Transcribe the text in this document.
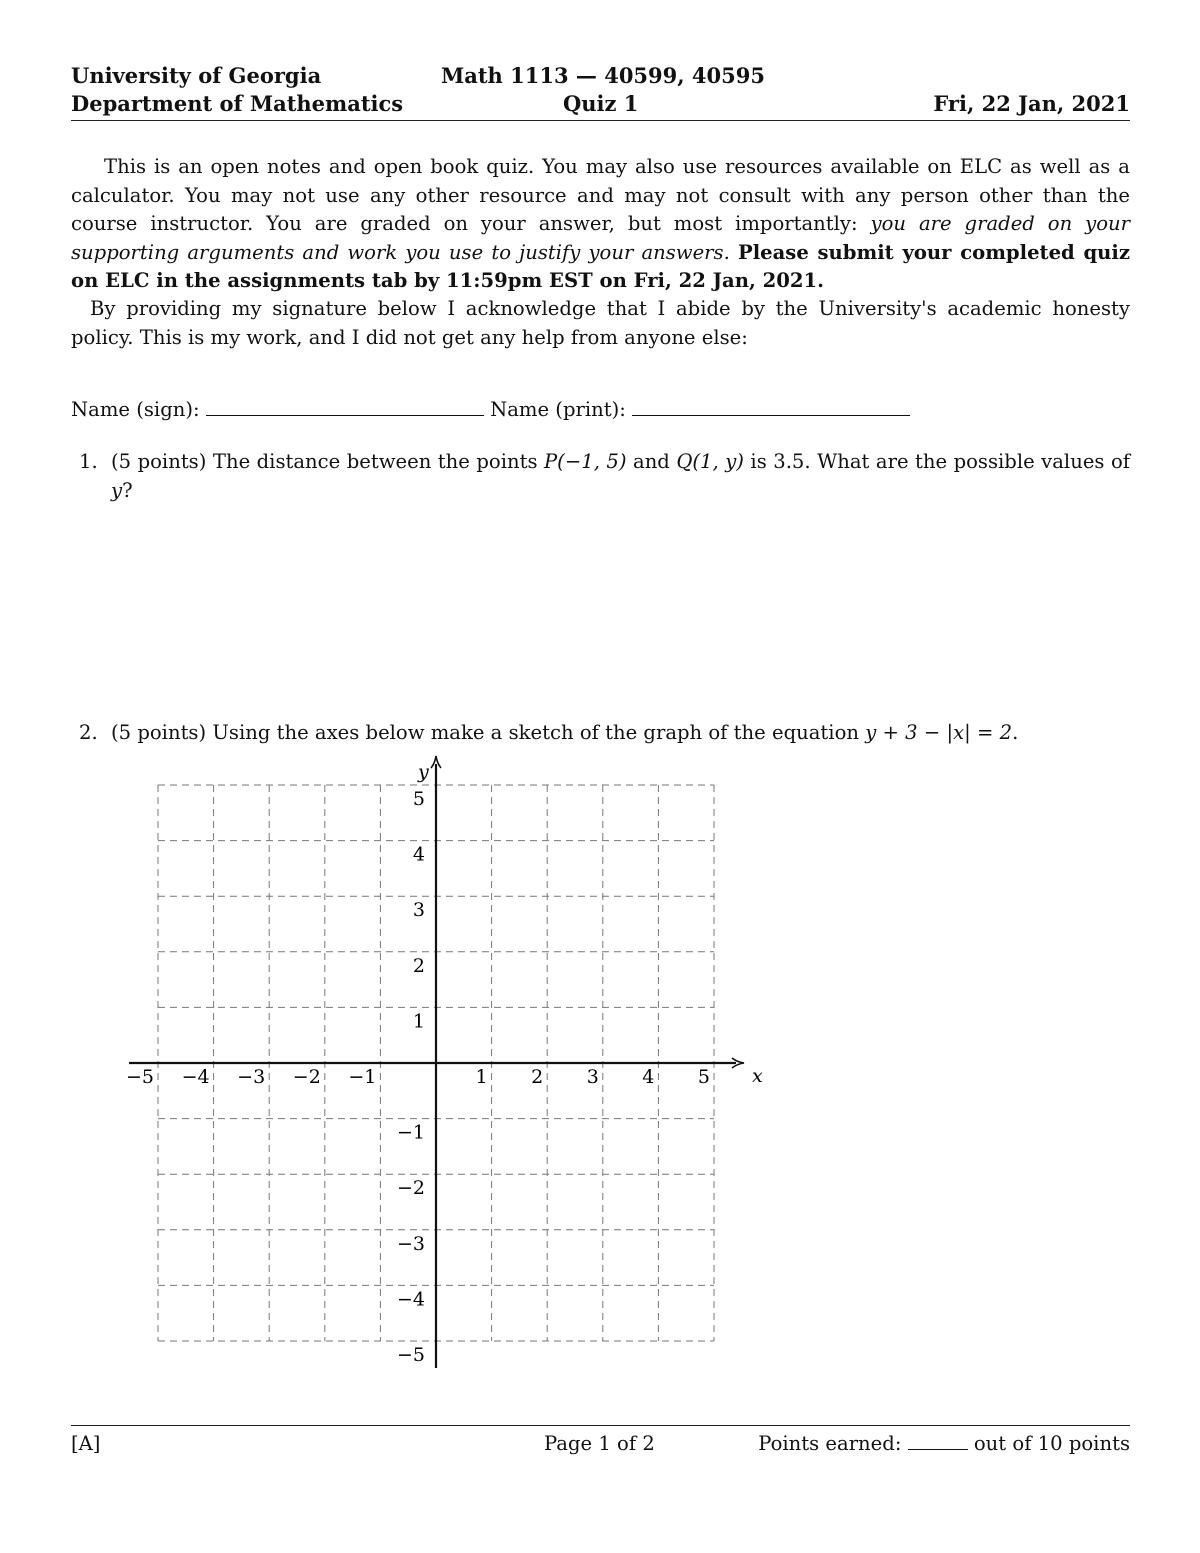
University of Georgia
Department of Mathematics
Math 1113 — 40599, 40595
Quiz 1	Fri, 22 Jan, 2021

This is an open notes and open book quiz. You may also use resources available on ELC as well as a calculator. You may not use any other resource and may not consult with any person other than the course instructor. You are graded on your answer, but most importantly: you are graded on your supporting arguments and work you use to justify your answers. Please submit your completed quiz on ELC in the assignments tab by 11:59pm EST on Fri, 22 Jan, 2021.

By providing my signature below I acknowledge that I abide by the University's academic honesty policy. This is my work, and I did not get any help from anyone else:

Name (sign):	Name (print):
1. (5 points) The distance between the points P(−1, 5) and Q(1, y) is 3.5. What are the possible values of y?
2. (5 points) Using the axes below make a sketch of the graph of the equation y + 3 − |x| = 2.
x
y
−5 −4 −3 −2 −1	1 2 3 4 5
5
4
3
2
1
−1
−2
−3
−4
−5
[A]	Page 1 of 2	Points earned:	out of 10 points
